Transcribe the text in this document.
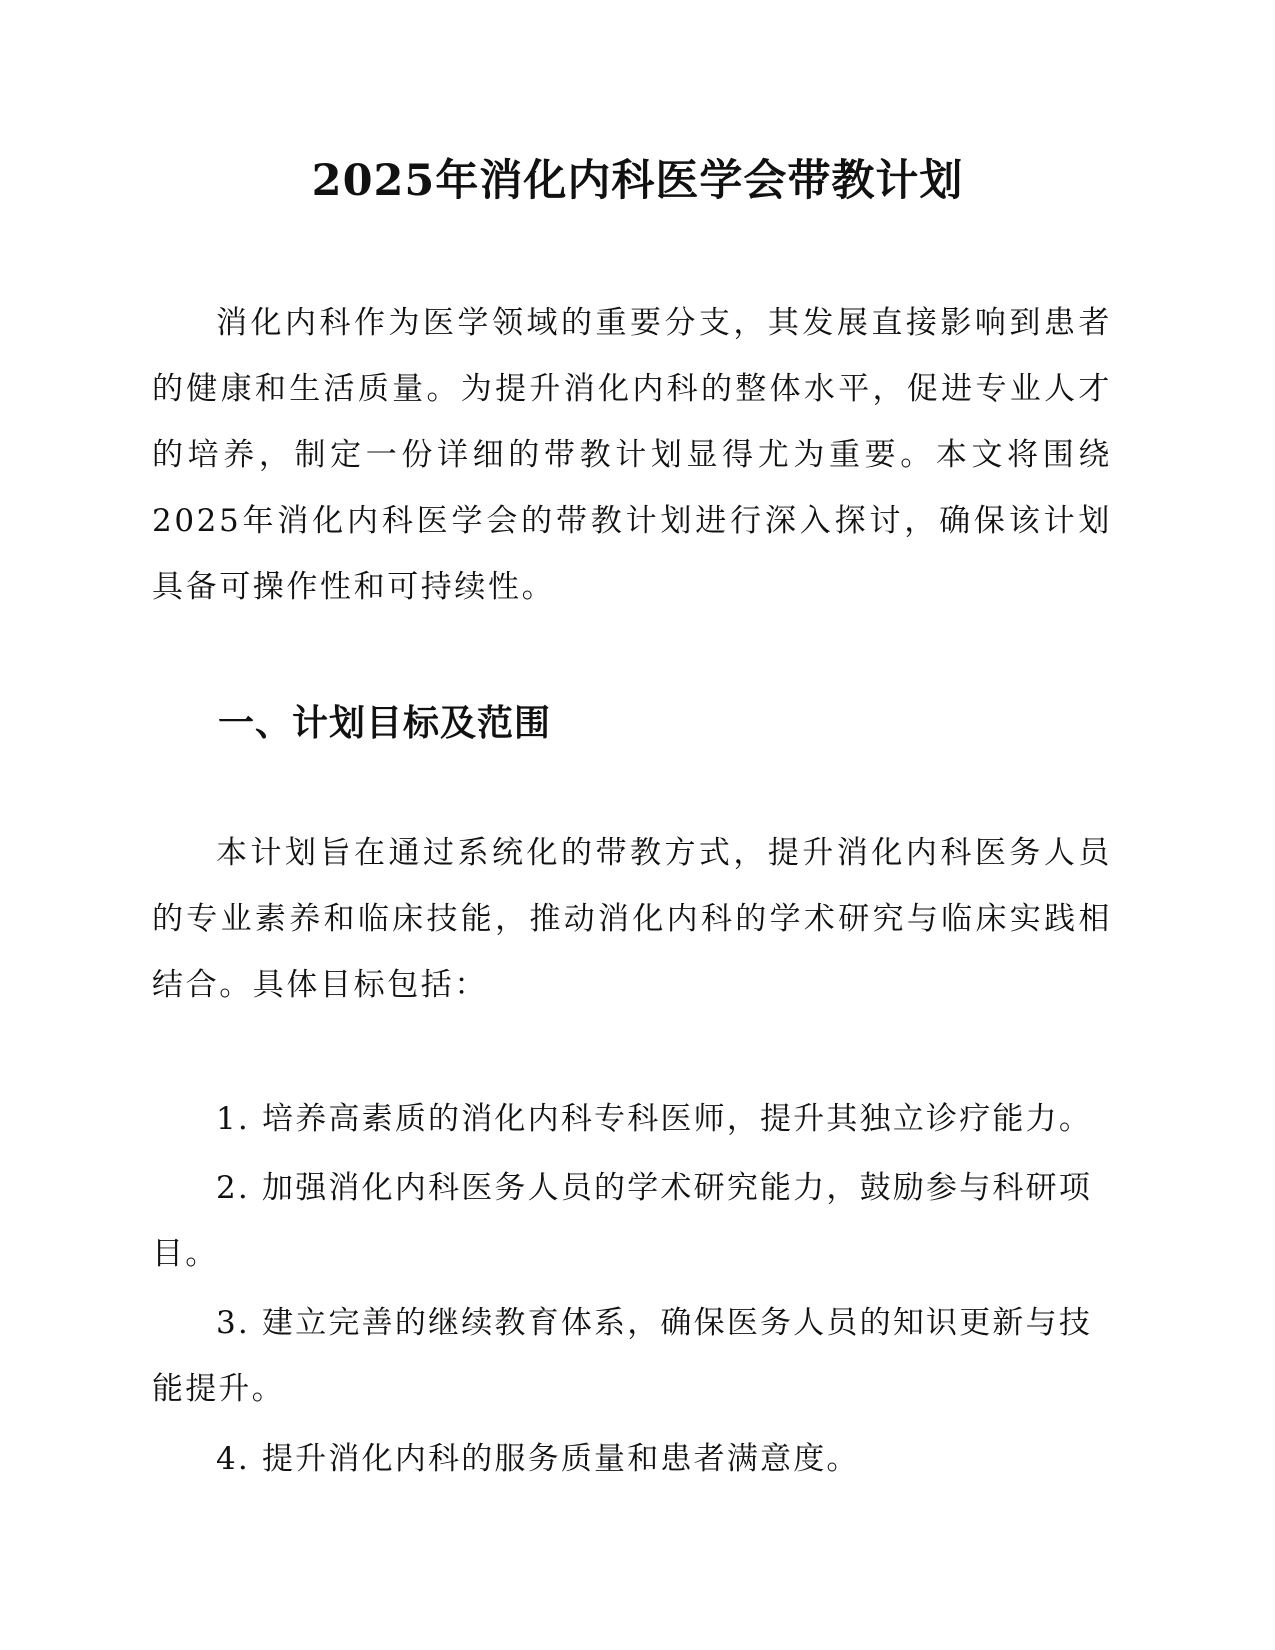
2025年消化内科医学会带教计划

消化内科作为医学领域的重要分支，其发展直接影响到患者的健康和生活质量。为提升消化内科的整体水平，促进专业人才的培养，制定一份详细的带教计划显得尤为重要。本文将围绕2025年消化内科医学会的带教计划进行深入探讨，确保该计划具备可操作性和可持续性。

一、计划目标及范围

本计划旨在通过系统化的带教方式，提升消化内科医务人员的专业素养和临床技能，推动消化内科的学术研究与临床实践相结合。具体目标包括：

1. 培养高素质的消化内科专科医师，提升其独立诊疗能力。

2. 加强消化内科医务人员的学术研究能力，鼓励参与科研项目。

3. 建立完善的继续教育体系，确保医务人员的知识更新与技能提升。

4. 提升消化内科的服务质量和患者满意度。
